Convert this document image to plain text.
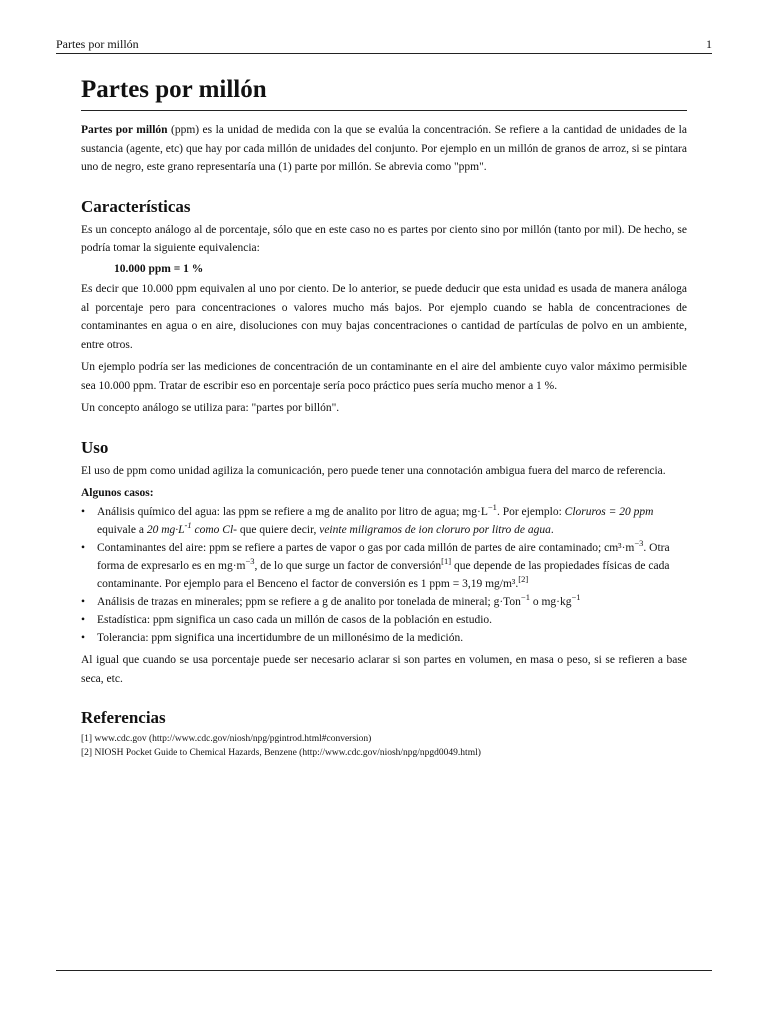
Partes por millón	1
Partes por millón

Partes por millón (ppm) es la unidad de medida con la que se evalúa la concentración. Se refiere a la cantidad de unidades de la sustancia (agente, etc) que hay por cada millón de unidades del conjunto. Por ejemplo en un millón de granos de arroz, si se pintara uno de negro, este grano representaría una (1) parte por millón. Se abrevia como "ppm".

Características

Es un concepto análogo al de porcentaje, sólo que en este caso no es partes por ciento sino por millón (tanto por mil). De hecho, se podría tomar la siguiente equivalencia:

10.000 ppm = 1 %

Es decir que 10.000 ppm equivalen al uno por ciento. De lo anterior, se puede deducir que esta unidad es usada de manera análoga al porcentaje pero para concentraciones o valores mucho más bajos. Por ejemplo cuando se habla de concentraciones de contaminantes en agua o en aire, disoluciones con muy bajas concentraciones o cantidad de partículas de polvo en un ambiente, entre otros.

Un ejemplo podría ser las mediciones de concentración de un contaminante en el aire del ambiente cuyo valor máximo permisible sea 10.000 ppm. Tratar de escribir eso en porcentaje sería poco práctico pues sería mucho menor a 1 %.

Un concepto análogo se utiliza para: "partes por billón".

Uso

El uso de ppm como unidad agiliza la comunicación, pero puede tener una connotación ambigua fuera del marco de referencia.

Algunos casos:
• Análisis químico del agua: las ppm se refiere a mg de analito por litro de agua; $mg\cdot L^{-1}$. Por ejemplo: Cloruros = 20 ppm equivale a 20 $mg\cdot L^{-1}$ como Cl- que quiere decir, veinte miligramos de ion cloruro por litro de agua.
• Contaminantes del aire: ppm se refiere a partes de vapor o gas por cada millón de partes de aire contaminado; $cm^3\cdot m^{-3}$. Otra forma de expresarlo es en $mg\cdot m^{-3}$, de lo que surge un factor de conversión[1] que depende de las propiedades físicas de cada contaminante. Por ejemplo para el Benceno el factor de conversión es 1 ppm = 3,19 mg/m³.[2]
• Análisis de trazas en minerales; ppm se refiere a g de analito por tonelada de mineral; g·Ton$^{-1}$ o $mg\cdot kg^{-1}$
• Estadística: ppm significa un caso cada un millón de casos de la población en estudio.
• Tolerancia: ppm significa una incertidumbre de un millonésimo de la medición.

Al igual que cuando se usa porcentaje puede ser necesario aclarar si son partes en volumen, en masa o peso, si se refieren a base seca, etc.

Referencias
[1] www.cdc.gov (http://www.cdc.gov/niosh/npg/pgintrod.html#conversion)
[2] NIOSH Pocket Guide to Chemical Hazards, Benzene (http://www.cdc.gov/niosh/npg/npgd0049.html)
